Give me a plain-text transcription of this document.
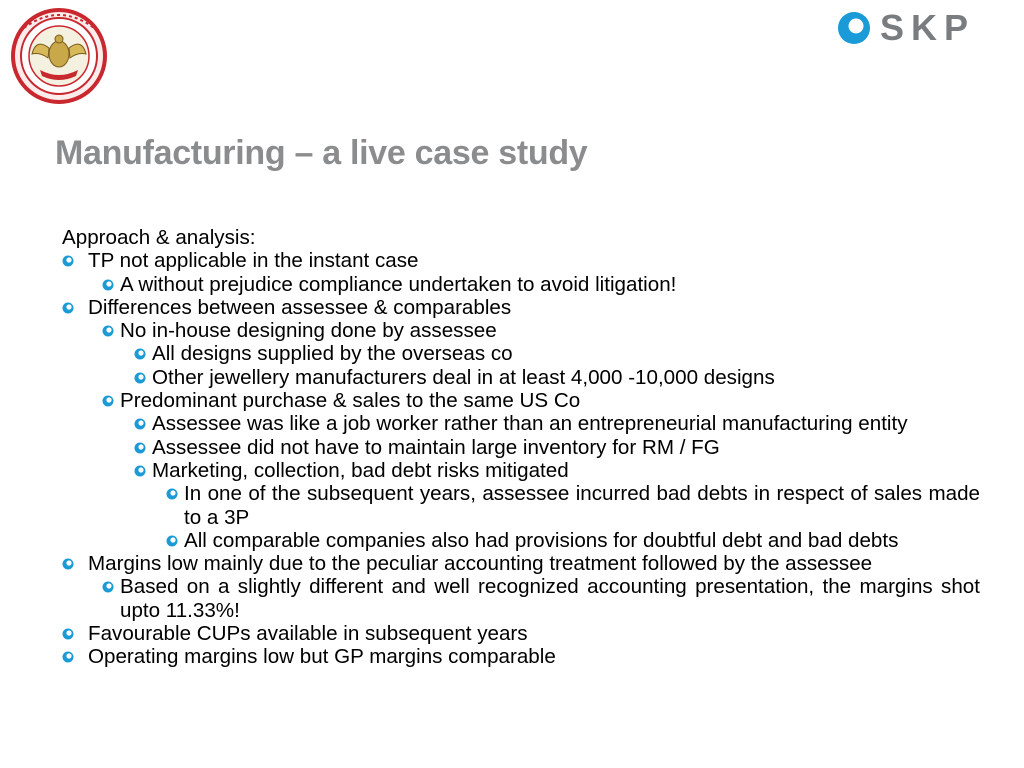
SKP
Manufacturing – a live case study

Approach & analysis:

TP not applicable in the instant case
A without prejudice compliance undertaken to avoid litigation!
Differences between assessee & comparables
No in-house designing done by assessee
All designs supplied by the overseas co
Other jewellery manufacturers deal in at least 4,000 -10,000 designs
Predominant purchase & sales to the same US Co
Assessee was like a job worker rather than an entrepreneurial manufacturing entity
Assessee did not have to maintain large inventory for RM / FG
Marketing, collection, bad debt risks mitigated
In one of the subsequent years, assessee incurred bad debts in respect of sales made to a 3P
All comparable companies also had provisions for doubtful debt and bad debts
Margins low mainly due to the peculiar accounting treatment followed by the assessee
Based on a slightly different and well recognized accounting presentation, the margins shot upto 11.33%!
Favourable CUPs available in subsequent years
Operating margins low but GP margins comparable
